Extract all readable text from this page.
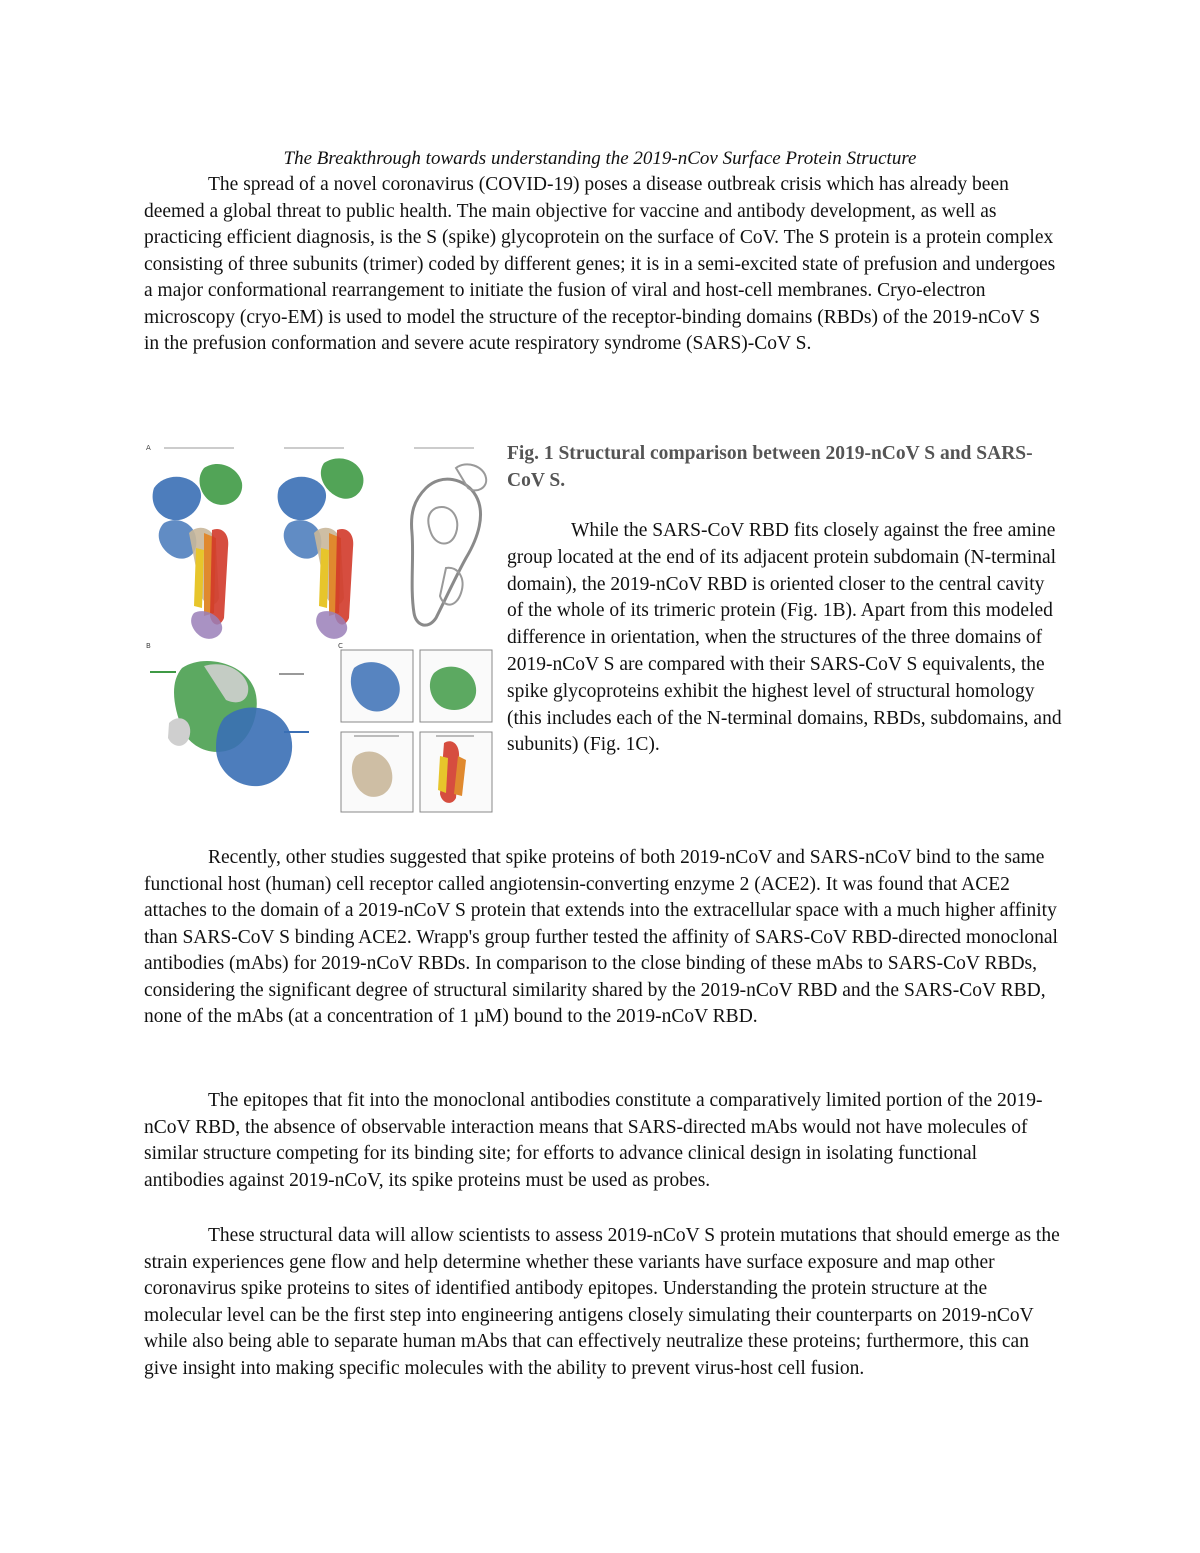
The Breakthrough towards understanding the 2019-nCov Surface Protein Structure

The spread of a novel coronavirus (COVID-19) poses a disease outbreak crisis which has already been deemed a global threat to public health. The main objective for vaccine and antibody development, as well as practicing efficient diagnosis, is the S (spike) glycoprotein on the surface of CoV. The S protein is a protein complex consisting of three subunits (trimer) coded by different genes; it is in a semi-excited state of prefusion and undergoes a major conformational rearrangement to initiate the fusion of viral and host-cell membranes. Cryo-electron microscopy (cryo-EM) is used to model the structure of the receptor-binding domains (RBDs) of the 2019-nCoV S in the prefusion conformation and severe acute respiratory syndrome (SARS)-CoV S.

A
B	C

Fig. 1 Structural comparison between 2019-nCoV S and SARS-CoV S.

While the SARS-CoV RBD fits closely against the free amine group located at the end of its adjacent protein subdomain (N-terminal domain), the 2019-nCoV RBD is oriented closer to the central cavity of the whole of its trimeric protein (Fig. 1B). Apart from this modeled difference in orientation, when the structures of the three domains of 2019-nCoV S are compared with their SARS-CoV S equivalents, the spike glycoproteins exhibit the highest level of structural homology (this includes each of the N-terminal domains, RBDs, subdomains, and subunits) (Fig. 1C).

Recently, other studies suggested that spike proteins of both 2019-nCoV and SARS-nCoV bind to the same functional host (human) cell receptor called angiotensin-converting enzyme 2 (ACE2). It was found that ACE2 attaches to the domain of a 2019-nCoV S protein that extends into the extracellular space with a much higher affinity than SARS-CoV S binding ACE2. Wrapp's group further tested the affinity of SARS-CoV RBD-directed monoclonal antibodies (mAbs) for 2019-nCoV RBDs. In comparison to the close binding of these mAbs to SARS-CoV RBDs, considering the significant degree of structural similarity shared by the 2019-nCoV RBD and the SARS-CoV RBD, none of the mAbs (at a concentration of 1 µM) bound to the 2019-nCoV RBD.

The epitopes that fit into the monoclonal antibodies constitute a comparatively limited portion of the 2019-nCoV RBD, the absence of observable interaction means that SARS-directed mAbs would not have molecules of similar structure competing for its binding site; for efforts to advance clinical design in isolating functional antibodies against 2019-nCoV, its spike proteins must be used as probes.

These structural data will allow scientists to assess 2019-nCoV S protein mutations that should emerge as the strain experiences gene flow and help determine whether these variants have surface exposure and map other coronavirus spike proteins to sites of identified antibody epitopes. Understanding the protein structure at the molecular level can be the first step into engineering antigens closely simulating their counterparts on 2019-nCoV while also being able to separate human mAbs that can effectively neutralize these proteins; furthermore, this can give insight into making specific molecules with the ability to prevent virus-host cell fusion.
